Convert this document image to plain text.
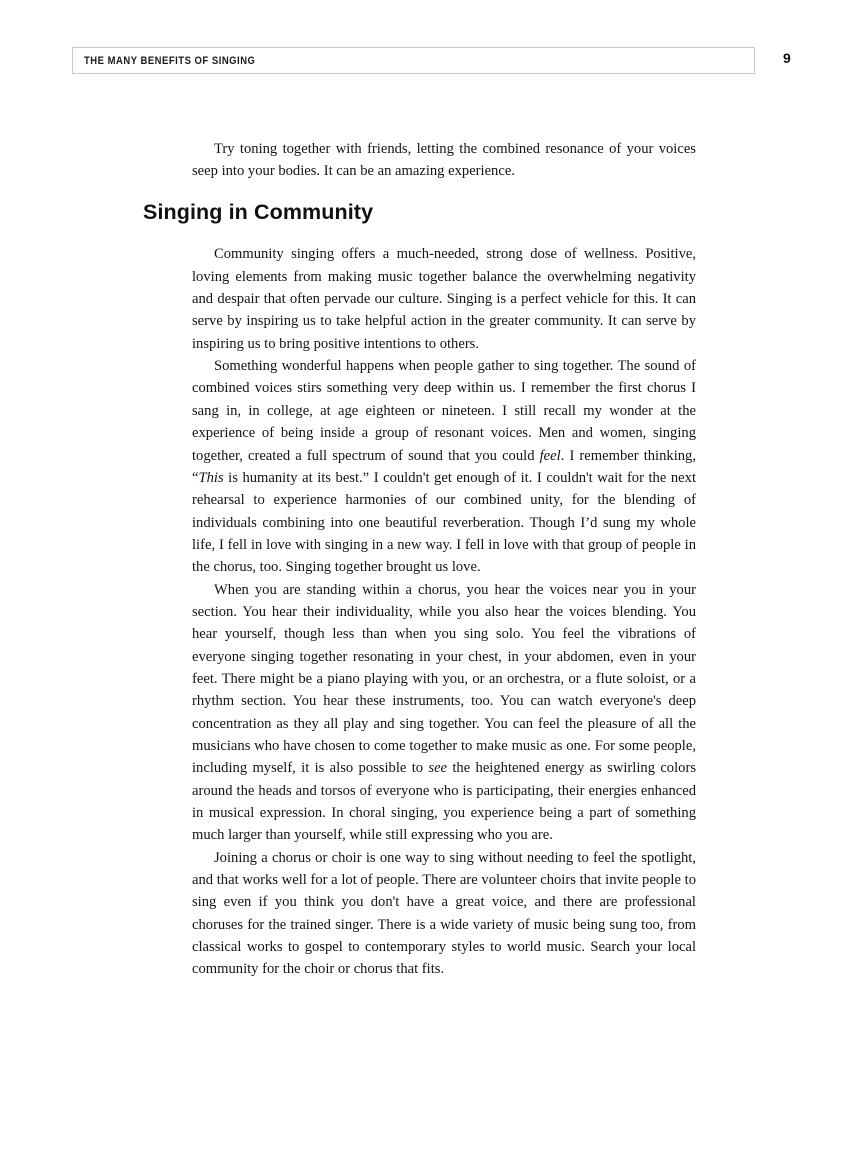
THE MANY BENEFITS OF SINGING	9

Try toning together with friends, letting the combined resonance of your voices seep into your bodies. It can be an amazing experience.

Singing in Community

Community singing offers a much-needed, strong dose of wellness. Positive, loving elements from making music together balance the overwhelming negativity and despair that often pervade our culture. Singing is a perfect vehicle for this. It can serve by inspiring us to take helpful action in the greater community. It can serve by inspiring us to bring positive intentions to others.

Something wonderful happens when people gather to sing together. The sound of combined voices stirs something very deep within us. I remember the first chorus I sang in, in college, at age eighteen or nineteen. I still recall my wonder at the experience of being inside a group of resonant voices. Men and women, singing together, created a full spectrum of sound that you could feel. I remember thinking, “This is humanity at its best.” I couldn't get enough of it. I couldn't wait for the next rehearsal to experience harmonies of our combined unity, for the blending of individuals combining into one beautiful reverberation. Though I’d sung my whole life, I fell in love with singing in a new way. I fell in love with that group of people in the chorus, too. Singing together brought us love.

When you are standing within a chorus, you hear the voices near you in your section. You hear their individuality, while you also hear the voices blending. You hear yourself, though less than when you sing solo. You feel the vibrations of everyone singing together resonating in your chest, in your abdomen, even in your feet. There might be a piano playing with you, or an orchestra, or a flute soloist, or a rhythm section. You hear these instruments, too. You can watch everyone's deep concentration as they all play and sing together. You can feel the pleasure of all the musicians who have chosen to come together to make music as one. For some people, including myself, it is also possible to see the heightened energy as swirling colors around the heads and torsos of everyone who is participating, their energies enhanced in musical expression. In choral singing, you experience being a part of something much larger than yourself, while still expressing who you are.

Joining a chorus or choir is one way to sing without needing to feel the spotlight, and that works well for a lot of people. There are volunteer choirs that invite people to sing even if you think you don't have a great voice, and there are professional choruses for the trained singer. There is a wide variety of music being sung too, from classical works to gospel to contemporary styles to world music. Search your local community for the choir or chorus that fits.
